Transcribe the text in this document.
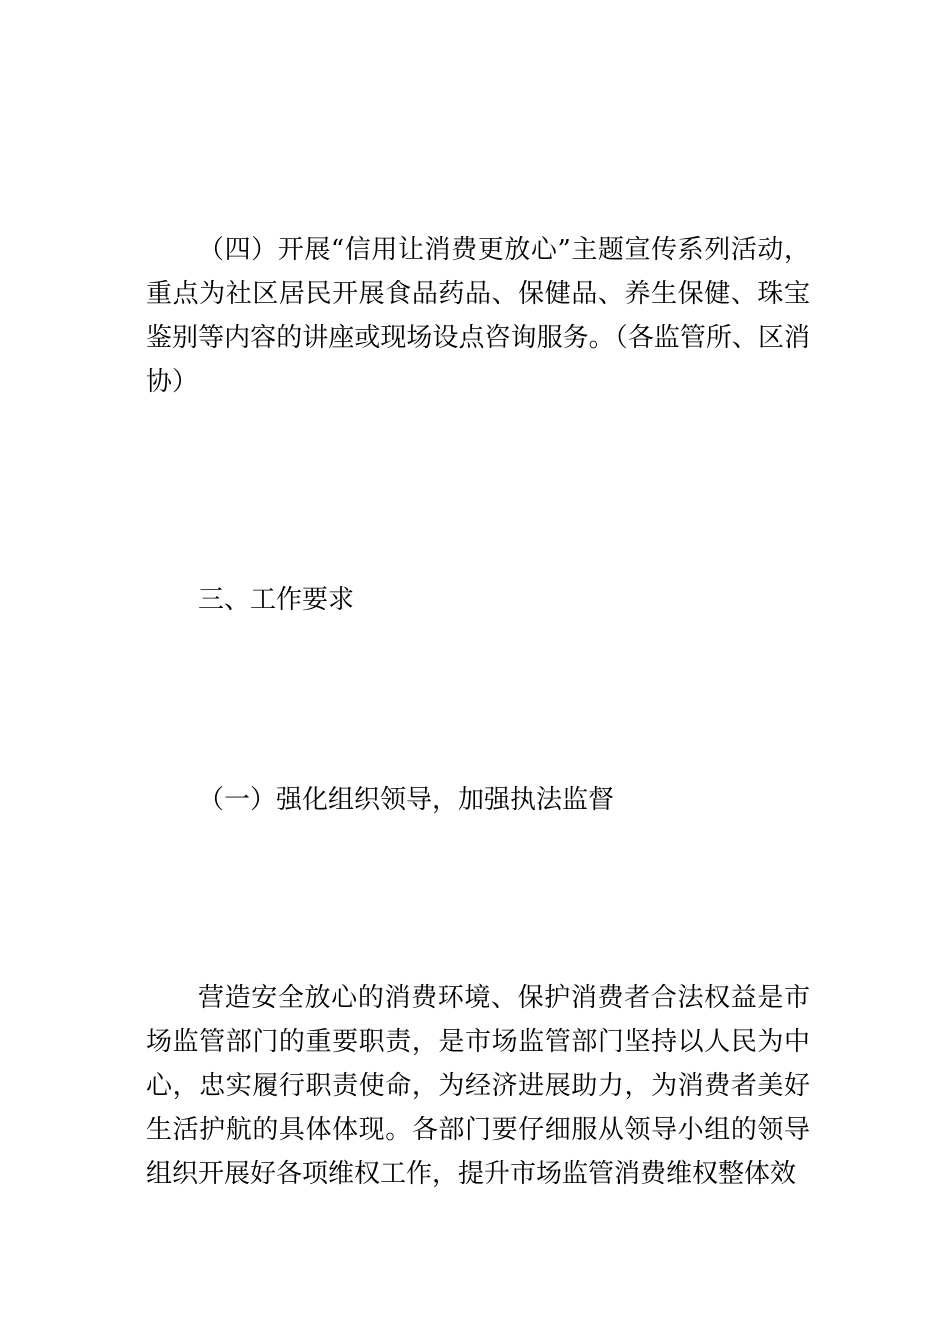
（四）开展“信用让消费更放心”主题宣传系列活动，重点为社区居民开展食品药品、保健品、养生保健、珠宝鉴别等内容的讲座或现场设点咨询服务。（各监管所、区消协）

三、工作要求

（一）强化组织领导，加强执法监督

营造安全放心的消费环境、保护消费者合法权益是市场监管部门的重要职责，是市场监管部门坚持以人民为中心，忠实履行职责使命，为经济进展助力，为消费者美好生活护航的具体体现。各部门要仔细服从领导小组的领导组织开展好各项维权工作，提升市场监管消费维权整体效
